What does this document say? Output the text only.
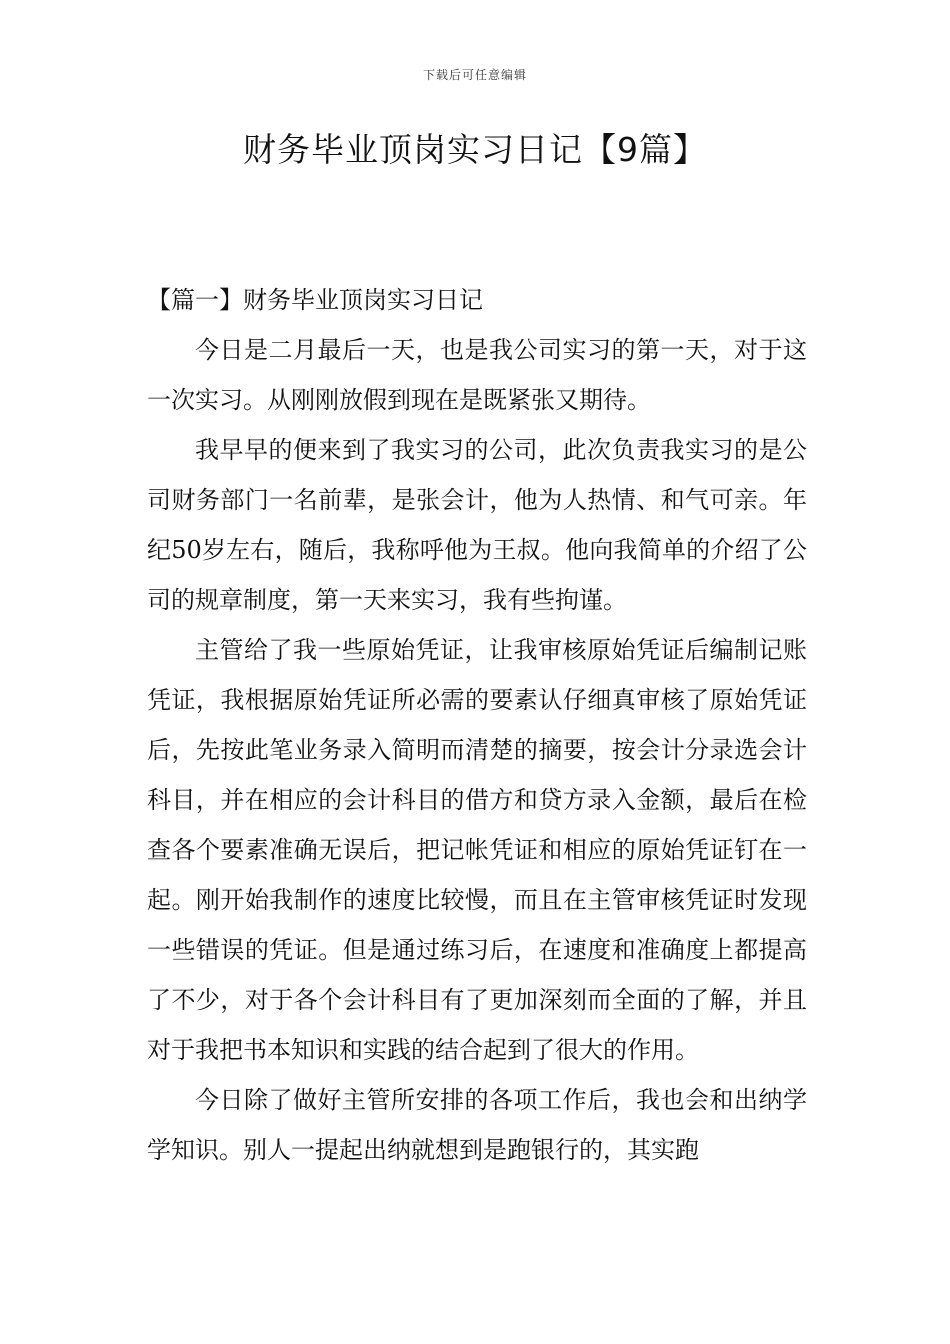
下载后可任意编辑
财务毕业顶岗实习日记【9篇】
【篇一】财务毕业顶岗实习日记

今日是二月最后一天，也是我公司实习的第一天，对于这一次实习。从刚刚放假到现在是既紧张又期待。

我早早的便来到了我实习的公司，此次负责我实习的是公司财务部门一名前辈，是张会计，他为人热情、和气可亲。年纪50岁左右，随后，我称呼他为王叔。他向我简单的介绍了公司的规章制度，第一天来实习，我有些拘谨。

主管给了我一些原始凭证，让我审核原始凭证后编制记账凭证，我根据原始凭证所必需的要素认仔细真审核了原始凭证后，先按此笔业务录入简明而清楚的摘要，按会计分录选会计科目，并在相应的会计科目的借方和贷方录入金额，最后在检查各个要素准确无误后，把记帐凭证和相应的原始凭证钉在一起。刚开始我制作的速度比较慢，而且在主管审核凭证时发现一些错误的凭证。但是通过练习后，在速度和准确度上都提高了不少，对于各个会计科目有了更加深刻而全面的了解，并且对于我把书本知识和实践的结合起到了很大的作用。

今日除了做好主管所安排的各项工作后，我也会和出纳学学知识。别人一提起出纳就想到是跑银行的，其实跑
